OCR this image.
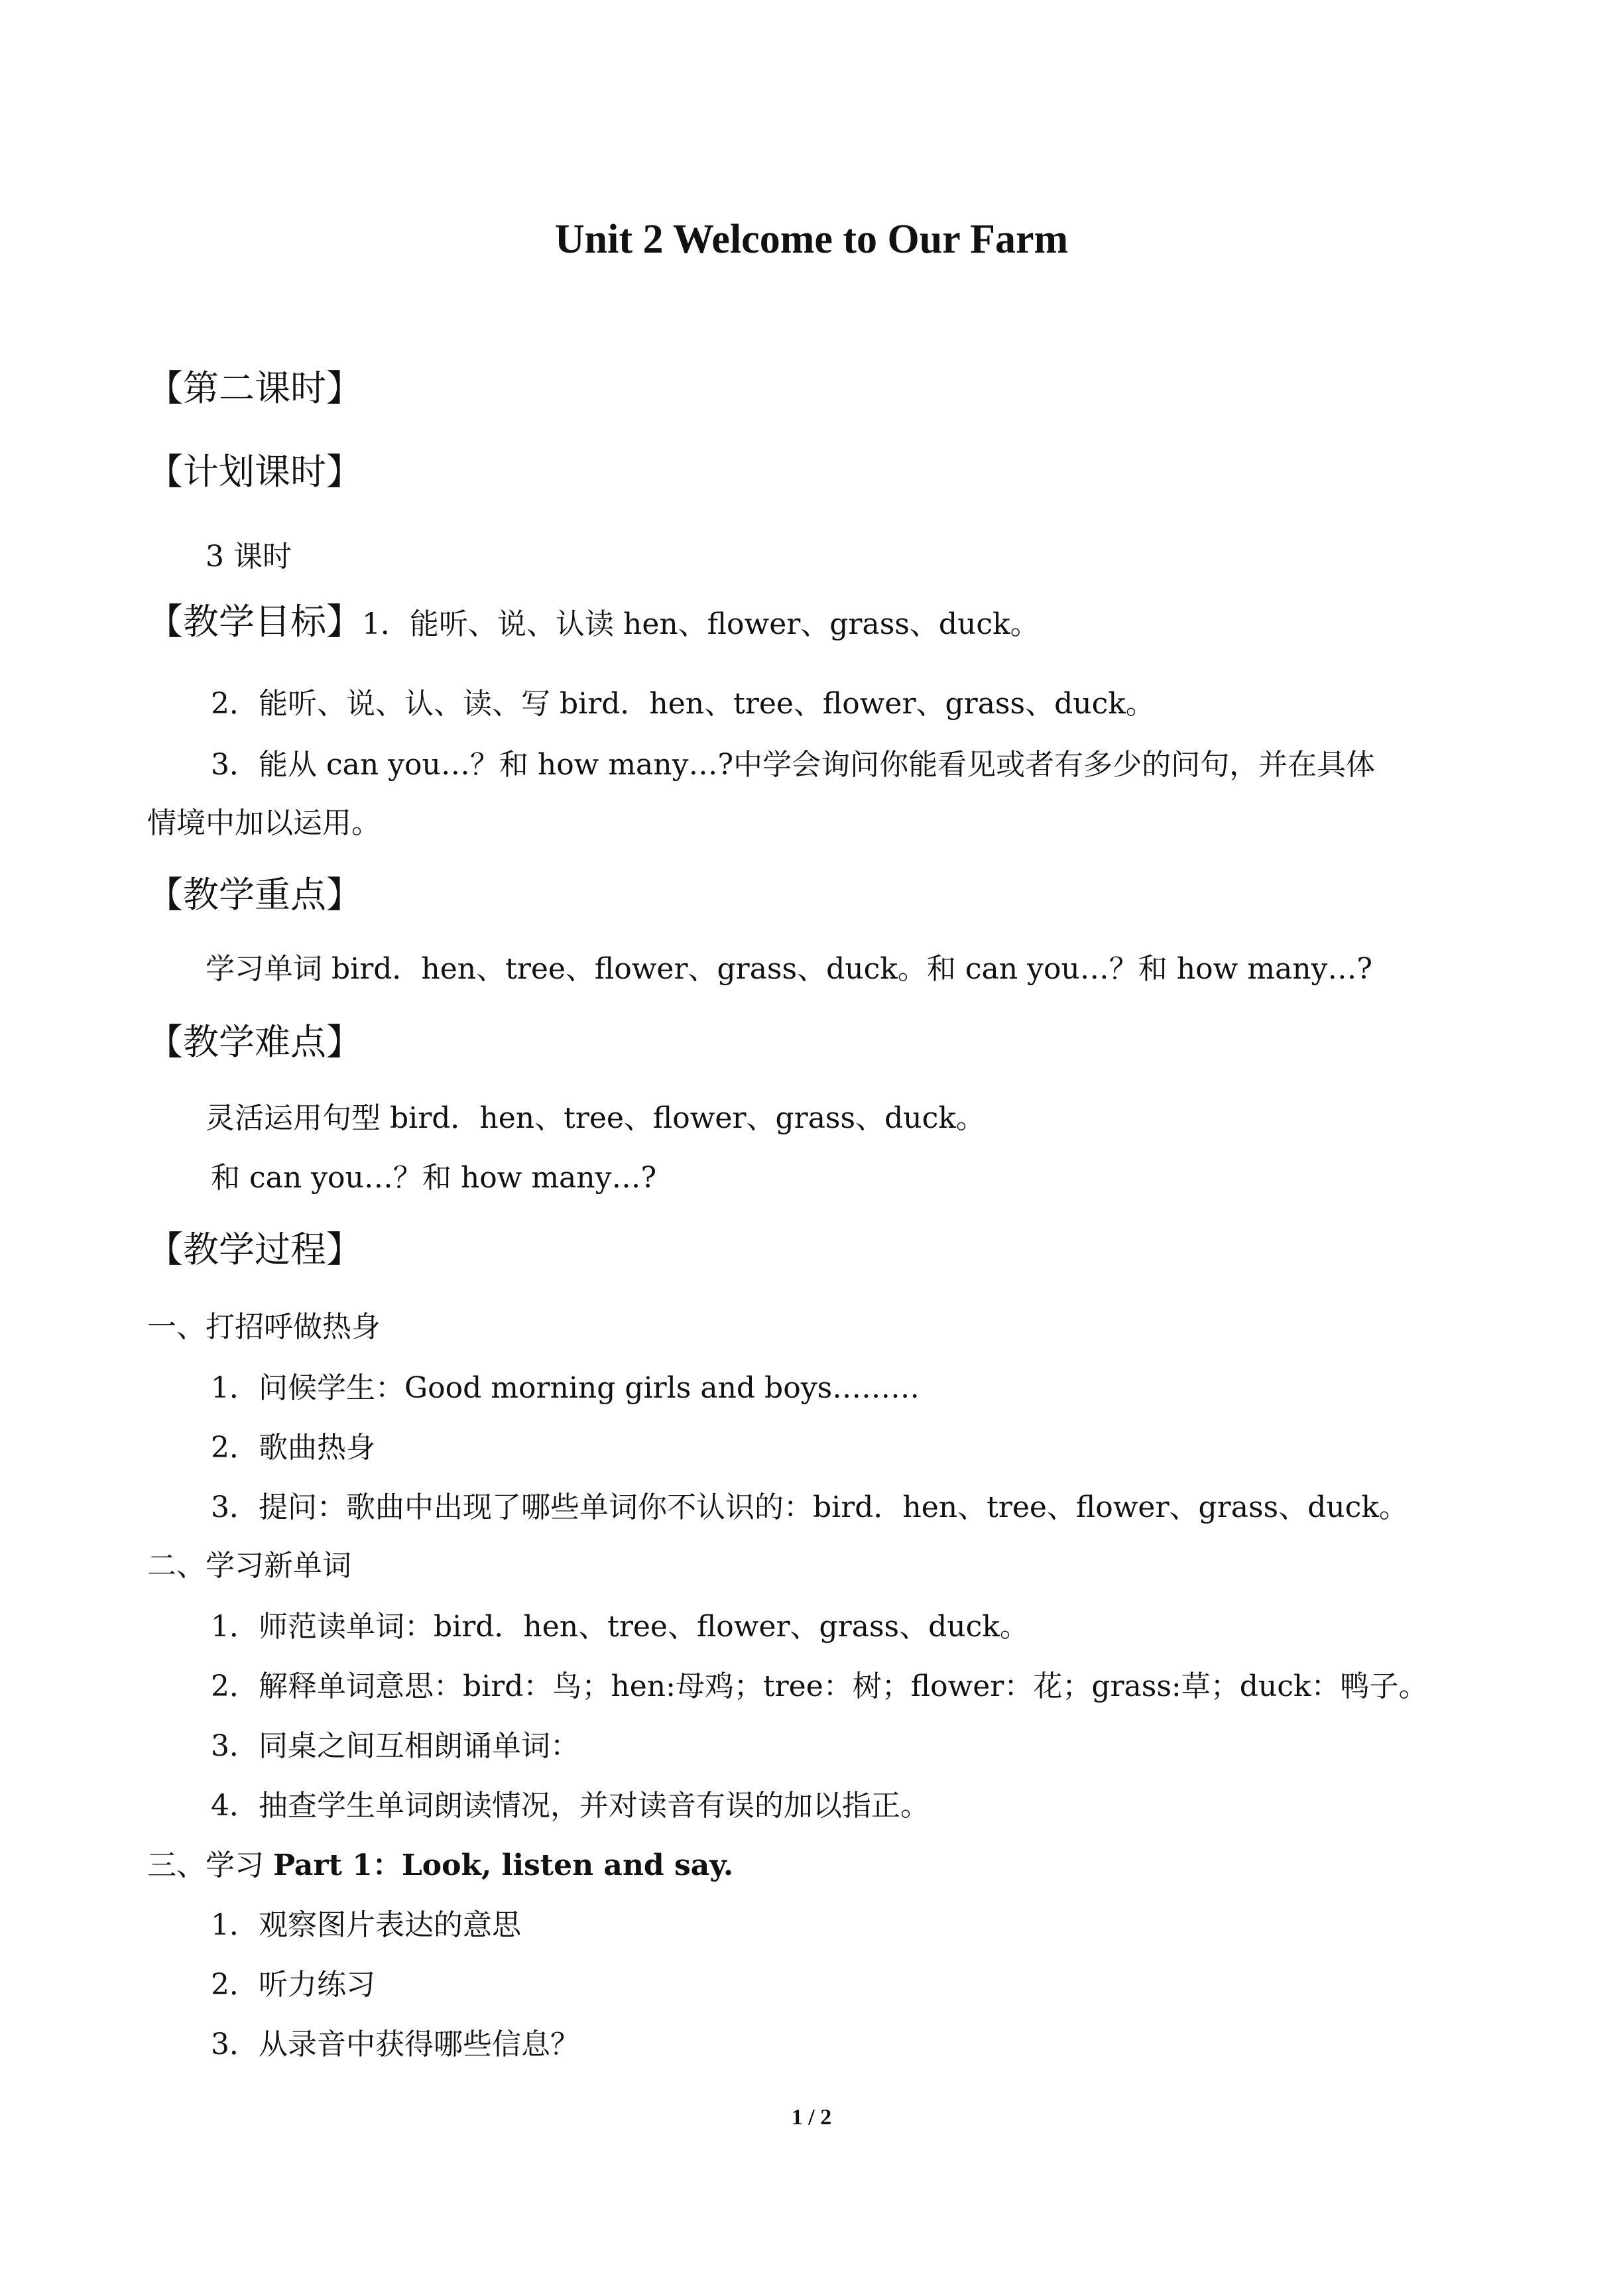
Unit 2 Welcome to Our Farm
【第二课时】
【计划课时】
3 课时
【教学目标】1．能听、说、认读 hen、flower、grass、duck。
2．能听、说、认、读、写 bird．hen、tree、flower、grass、duck。
3．能从 can you…？和 how many…?中学会询问你能看见或者有多少的问句，并在具体
情境中加以运用。
【教学重点】
学习单词 bird．hen、tree、flower、grass、duck。和 can you…？和 how many…?
【教学难点】
灵活运用句型 bird．hen、tree、flower、grass、duck。
和 can you…？和 how many…?
【教学过程】
一、打招呼做热身
1．问候学生：Good morning girls and boys………
2．歌曲热身
3．提问：歌曲中出现了哪些单词你不认识的：bird．hen、tree、flower、grass、duck。
二、学习新单词
1．师范读单词：bird．hen、tree、flower、grass、duck。
2．解释单词意思：bird：鸟；hen:母鸡；tree：树；flower：花；grass:草；duck：鸭子。
3．同桌之间互相朗诵单词：
4．抽查学生单词朗读情况，并对读音有误的加以指正。
三、学习 Part 1：Look, listen and say.
1．观察图片表达的意思
2．听力练习
3．从录音中获得哪些信息？
1 / 2
